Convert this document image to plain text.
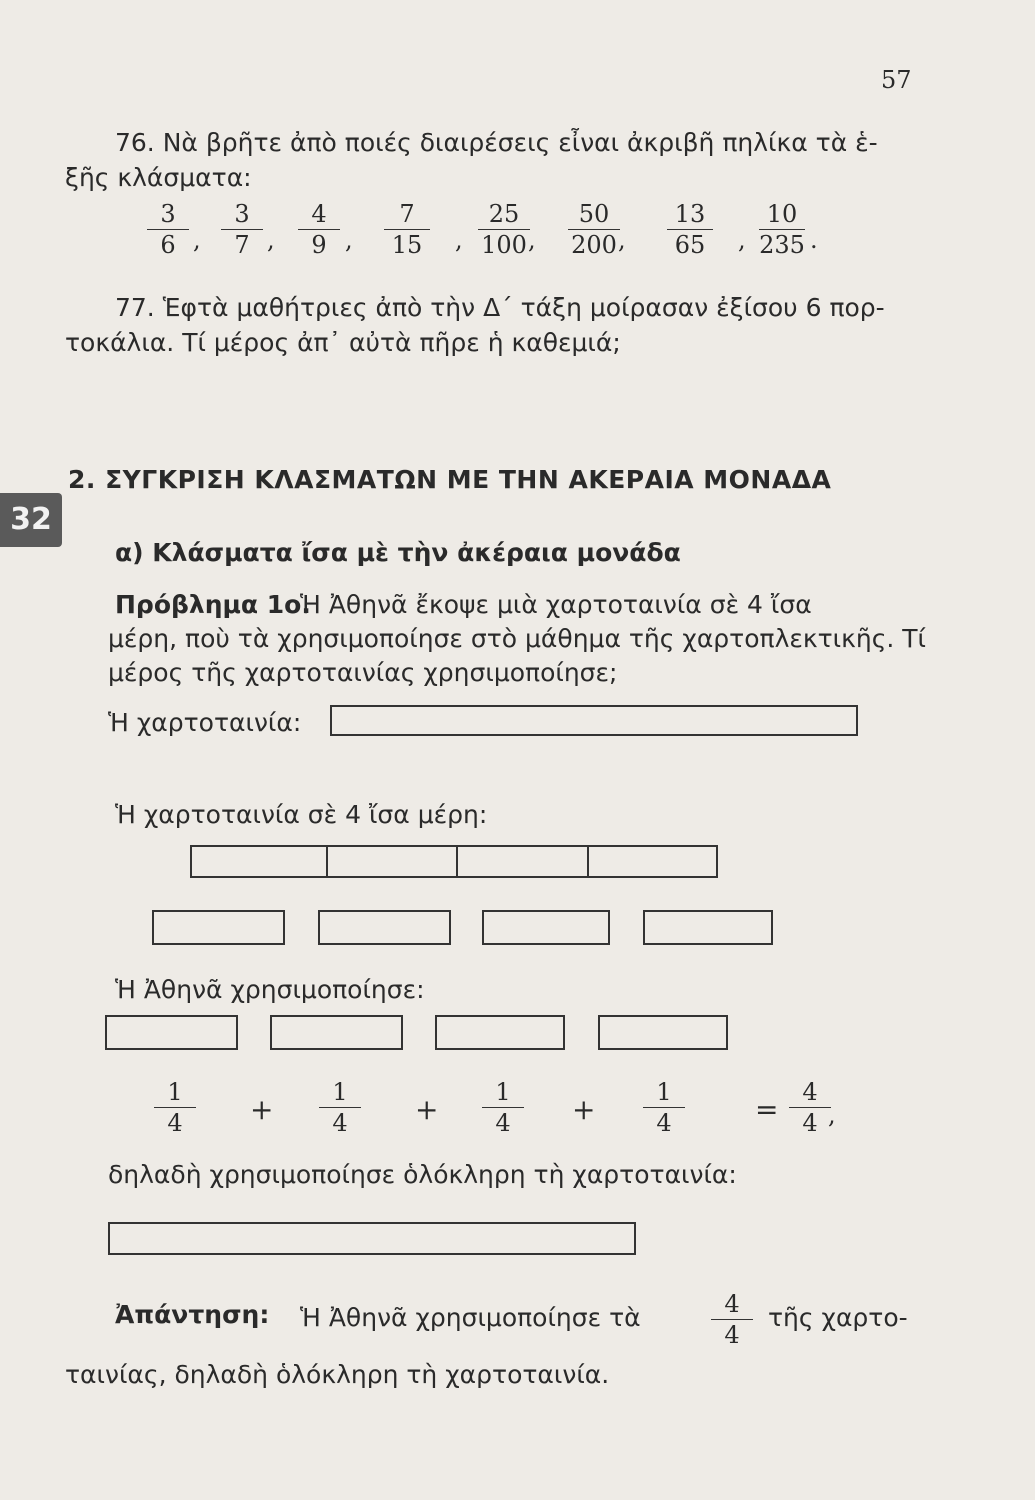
57
76. Νὰ βρῆτε ἀπὸ ποιές διαιρέσεις εἶναι ἀκριβῆ πηλίκα τὰ ἑ-
ξῆς κλάσματα:
3
6 ,
3
7 ,
4
9 ,
7
15	,
25
100 ,
50
200 ,
13
65	,
10
235 .
77. Ἑφτὰ μαθήτριες ἀπὸ τὴν Δ΄ τάξη μοίρασαν ἐξίσου 6 πορ-
τοκάλια. Τί μέρος ἀπ᾿ αὐτὰ πῆρε ἡ καθεμιά;
2. ΣΥΓΚΡΙΣΗ ΚΛΑΣΜΑΤΩΝ ΜΕ ΤΗΝ ΑΚΕΡΑΙΑ ΜΟΝΑΔΑ
32
α) Κλάσματα ἴσα μὲ τὴν ἀκέραια μονάδα
Πρόβλημα 1ο.
Ἡ Ἀθηνᾶ ἔκοψε μιὰ χαρτοταινία σὲ 4 ἴσα
μέρη, ποὺ τὰ χρησιμοποίησε στὸ μάθημα τῆς χαρτοπλεκτικῆς. Τί
μέρος τῆς χαρτοταινίας χρησιμοποίησε;
Ἡ χαρτοταινία:
Ἡ χαρτοταινία σὲ 4 ἴσα μέρη:
Ἡ Ἀθηνᾶ χρησιμοποίησε:
1
4	+
1
4	+
1
4	+
1
4	=
4
4 ,
δηλαδὴ χρησιμοποίησε ὁλόκληρη τὴ χαρτοταινία:
Ἀπάντηση: Ἡ Ἀθηνᾶ χρησιμοποίησε τὰ	4
4
τῆς χαρτο-
ταινίας, δηλαδὴ ὁλόκληρη τὴ χαρτοταινία.
